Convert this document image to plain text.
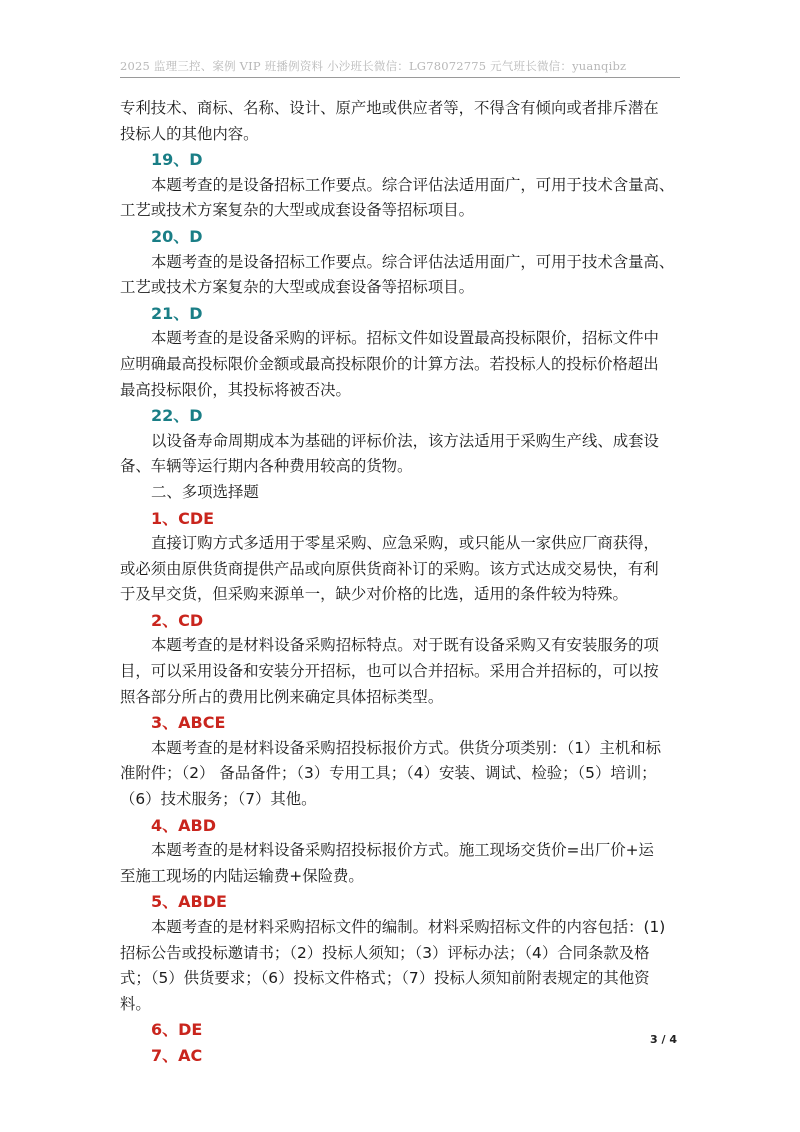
2025 监理三控、案例 VIP 班播例资料 小沙班长微信：LG78072775 元气班长微信：yuanqibz
专利技术、商标、名称、设计、原产地或供应者等，不得含有倾向或者排斥潜在
投标人的其他内容。
19、D
本题考查的是设备招标工作要点。综合评估法适用面广，可用于技术含量高、
工艺或技术方案复杂的大型或成套设备等招标项目。
20、D
本题考查的是设备招标工作要点。综合评估法适用面广，可用于技术含量高、
工艺或技术方案复杂的大型或成套设备等招标项目。
21、D
本题考查的是设备采购的评标。招标文件如设置最高投标限价，招标文件中
应明确最高投标限价金额或最高投标限价的计算方法。若投标人的投标价格超出
最高投标限价，其投标将被否决。
22、D
以设备寿命周期成本为基础的评标价法，该方法适用于采购生产线、成套设
备、车辆等运行期内各种费用较高的货物。
二、多项选择题
1、CDE
直接订购方式多适用于零星采购、应急采购，或只能从一家供应厂商获得，
或必须由原供货商提供产品或向原供货商补订的采购。该方式达成交易快，有利
于及早交货，但采购来源单一，缺少对价格的比选，适用的条件较为特殊。
2、CD
本题考查的是材料设备采购招标特点。对于既有设备采购又有安装服务的项
目，可以采用设备和安装分开招标，也可以合并招标。采用合并招标的，可以按
照各部分所占的费用比例来确定具体招标类型。
3、ABCE
本题考查的是材料设备采购招投标报价方式。供货分项类别：（1）主机和标
准附件；（2） 备品备件；（3）专用工具；（4）安装、调试、检验；（5）培训；
（6）技术服务；（7）其他。
4、ABD
本题考查的是材料设备采购招投标报价方式。施工现场交货价=出厂价+运
至施工现场的内陆运输费+保险费。
5、ABDE
本题考查的是材料采购招标文件的编制。材料采购招标文件的内容包括：(1)
招标公告或投标邀请书；（2）投标人须知；（3）评标办法；（4）合同条款及格
式；（5）供货要求；（6）投标文件格式；（7）投标人须知前附表规定的其他资
料。
6、DE
7、AC
3 / 4
